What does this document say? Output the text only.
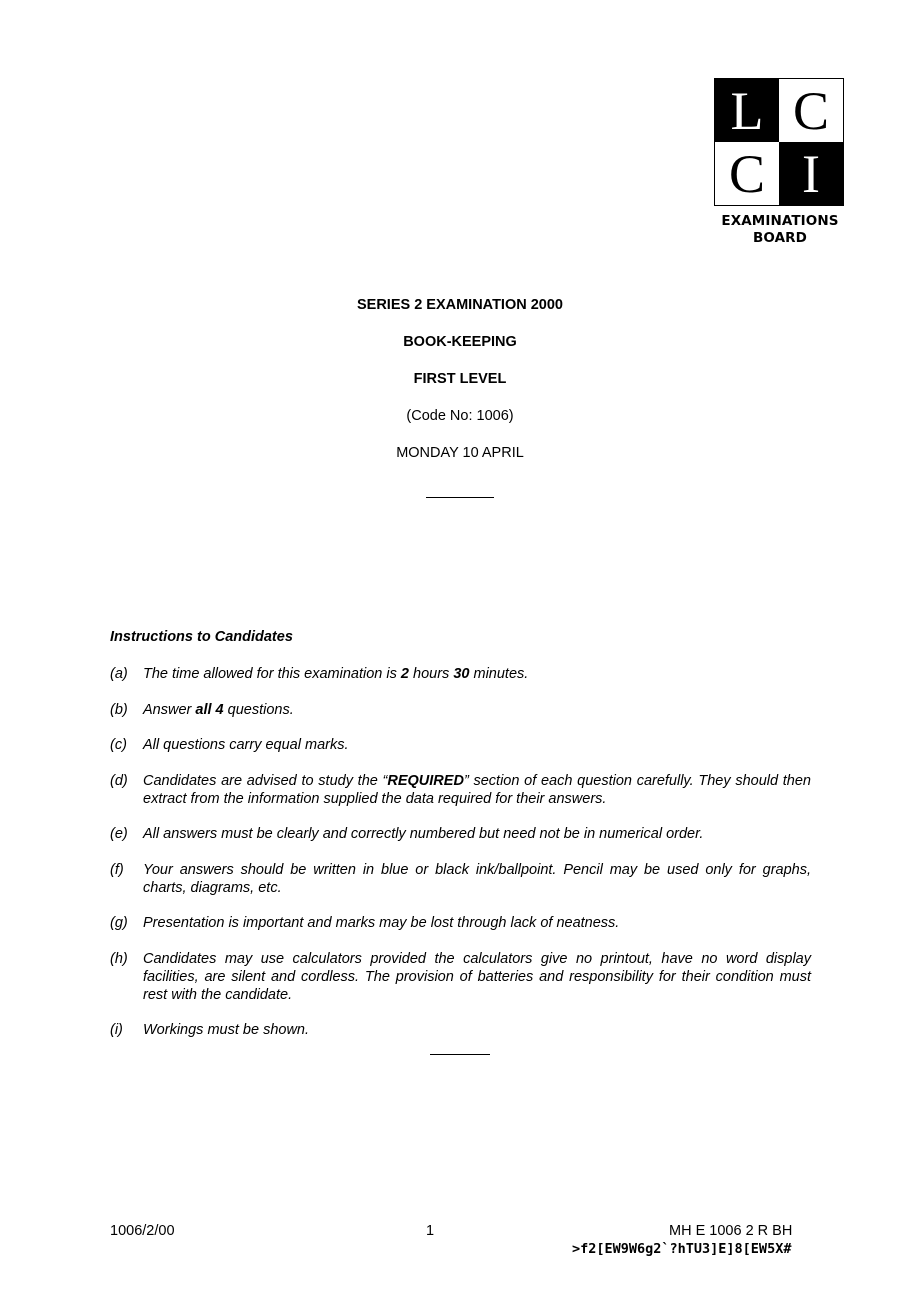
L C
C I
EXAMINATIONS
BOARD
SERIES 2 EXAMINATION 2000
BOOK-KEEPING
FIRST LEVEL
(Code No: 1006)
MONDAY 10 APRIL
Instructions to Candidates
(a) The time allowed for this examination is 2 hours 30 minutes.
(b) Answer all 4 questions.
(c) All questions carry equal marks.
(d) Candidates are advised to study the “REQUIRED” section of each question carefully. They should then extract from the information supplied the data required for their answers.
(e) All answers must be clearly and correctly numbered but need not be in numerical order.
(f) Your answers should be written in blue or black ink/ballpoint. Pencil may be used only for graphs, charts, diagrams, etc.
(g) Presentation is important and marks may be lost through lack of neatness.
(h) Candidates may use calculators provided the calculators give no printout, have no word display facilities, are silent and cordless. The provision of batteries and responsibility for their condition must rest with the candidate.
(i) Workings must be shown.
1006/2/00	1	MH E 1006 2 R BH
>f2[EW9W6g2`?hTU3]E]8[EW5X#
